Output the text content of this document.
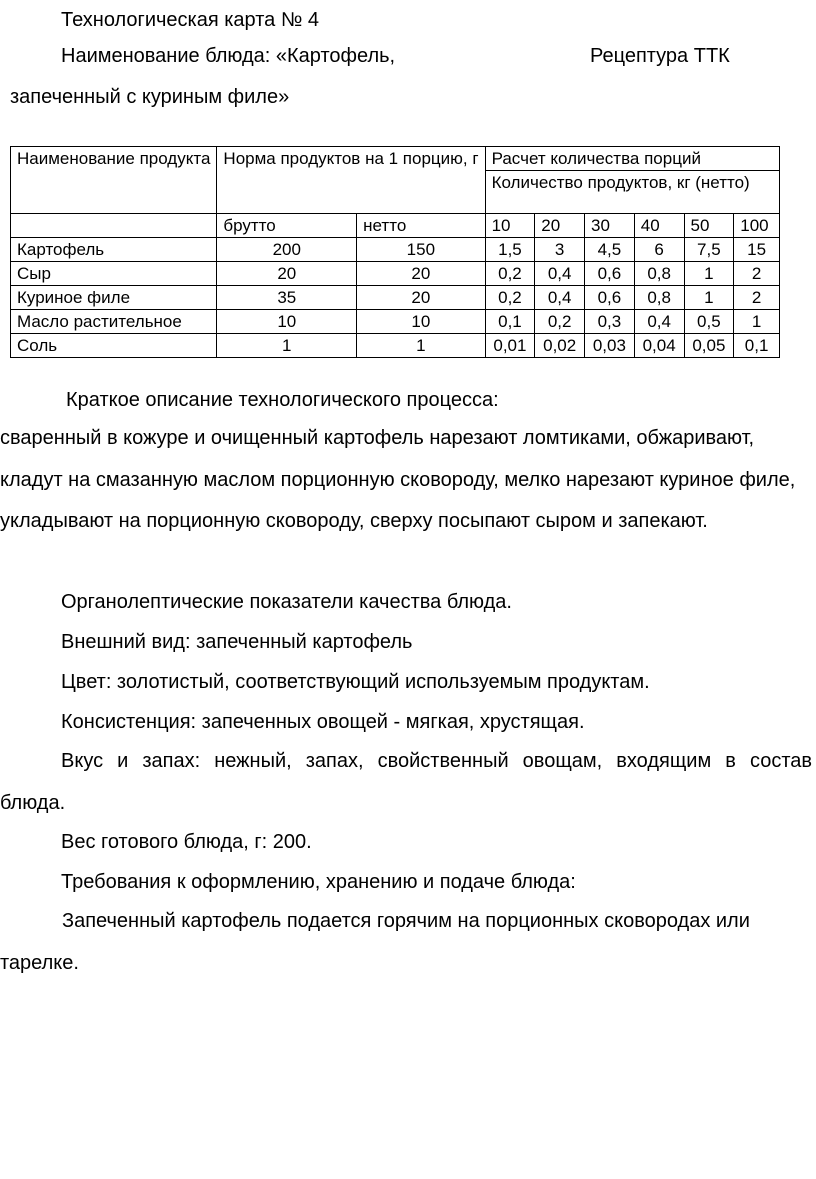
Технологическая карта № 4
Наименование блюда: «Картофель,	Рецептура ТТК
запеченный с куриным филе»
Наименование продукта	Норма продуктов на 1 порцию, г		Расчет количества порций					
			Количество продуктов, кг (нетто)					
	брутто	нетто	10	20	30	40	50	100
Картофель	200	150	1,5	3	4,5	6	7,5	15
Сыр	20	20	0,2	0,4	0,6	0,8	1	2
Куриное филе	35	20	0,2	0,4	0,6	0,8	1	2
Масло растительное	10	10	0,1	0,2	0,3	0,4	0,5	1
Соль	1	1	0,01	0,02	0,03	0,04	0,05	0,1
Краткое описание технологического процесса:
сваренный в кожуре и очищенный картофель нарезают ломтиками, обжаривают, кладут на смазанную маслом порционную сковороду, мелко нарезают куриное филе, укладывают на порционную сковороду, сверху посыпают сыром и запекают.
Органолептические показатели качества блюда.
Внешний вид: запеченный картофель
Цвет: золотистый, соответствующий используемым продуктам.
Консистенция: запеченных овощей - мягкая, хрустящая.
Вкус и запах: нежный, запах, свойственный овощам, входящим в состав блюда.
Вес готового блюда, г: 200.
Требования к оформлению, хранению и подаче блюда:
Запеченный картофель подается горячим на порционных сковородах или тарелке.
